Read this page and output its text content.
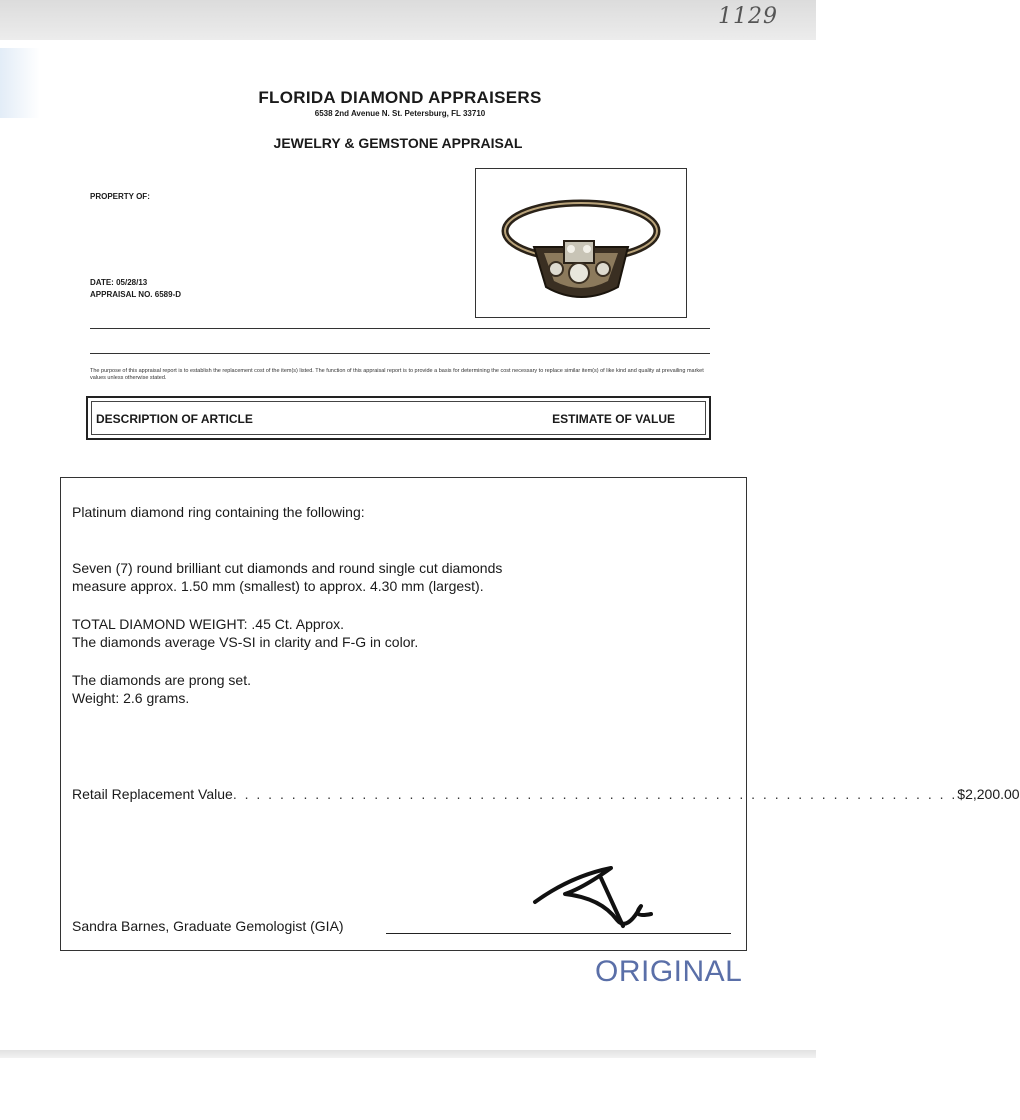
1129
FLORIDA DIAMOND APPRAISERS
6538 2nd Avenue N. St. Petersburg, FL 33710
JEWELRY & GEMSTONE APPRAISAL
PROPERTY OF:
DATE: 05/28/13
APPRAISAL NO. 6589-D
The purpose of this appraisal report is to establish the replacement cost of the item(s) listed. The function of this appraisal report is to provide a basis for determining the cost necessary to replace similar item(s) of like kind and quality at prevailing market values unless otherwise stated.
DESCRIPTION OF ARTICLE	ESTIMATE OF VALUE

Platinum diamond ring containing the following:

Seven (7) round brilliant cut diamonds and round single cut diamonds

measure approx. 1.50 mm (smallest) to approx. 4.30 mm (largest).

TOTAL DIAMOND WEIGHT: .45 Ct. Approx.

The diamonds average VS-SI in clarity and F-G in color.

The diamonds are prong set.

Weight: 2.6 grams.

Retail Replacement Value . . . . . . . . . . . . . . . . . . . . . . . . . . . . . . . . . . . . . . . . . . . . . . . . . . . . . . . . . . . . . . $2,200.00
Sandra Barnes, Graduate Gemologist (GIA)
ORIGINAL
